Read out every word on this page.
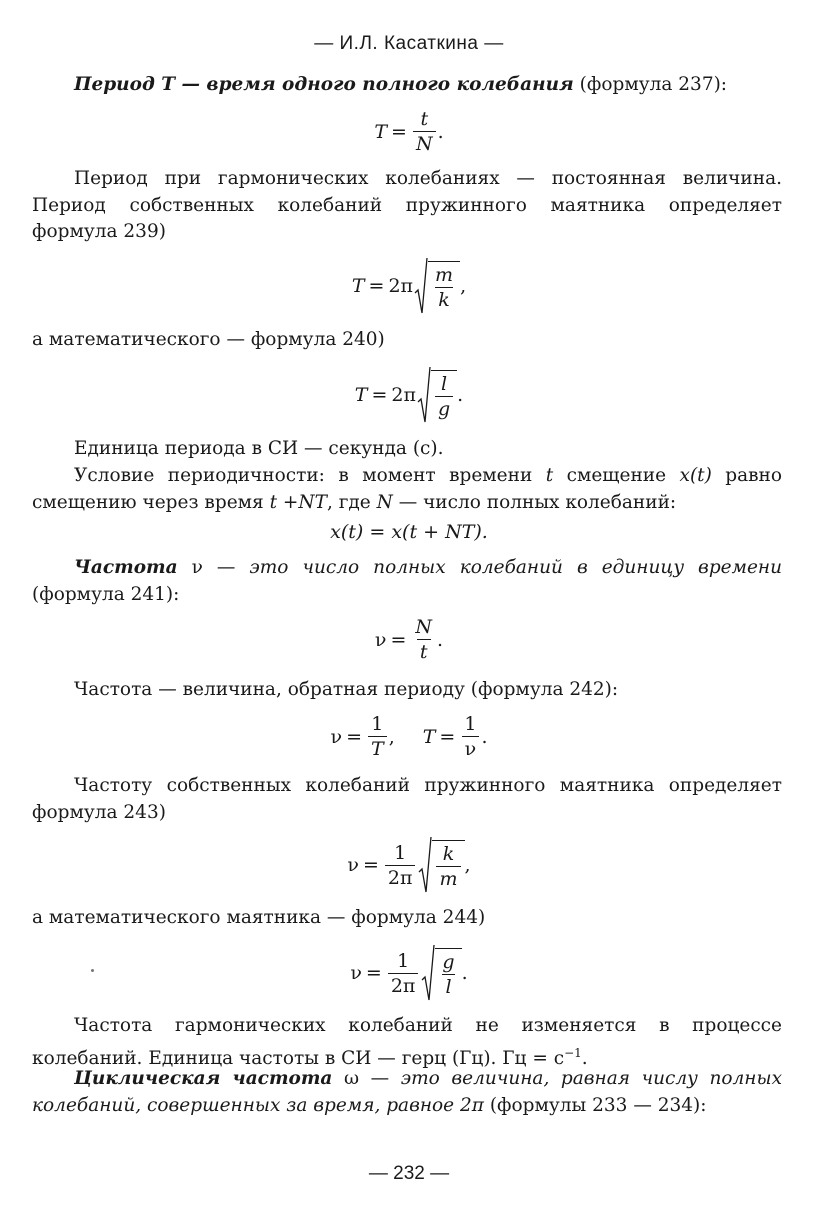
— И.Л. Касаткина —
Период T — время одного полного колебания (формула 237):
$T = \frac{t}{N}$ .
Период при гармонических колебаниях — постоянная величина. Период собственных колебаний пружинного маятника определяет формула 239)
$T = 2\pi \frac{m}{k}$ ,
а математического — формула 240)
$T = 2\pi \frac{l}{g}$ .
Единица периода в СИ — секунда (с).
Условие периодичности: в момент времени t смещение x(t) равно смещению через время t +NT, где N — число полных колебаний:
x(t) = x(t + NT).
Частота ν — это число полных колебаний в единицу времени (формула 241):
$\nu = \frac{N}{t}$ .
Частота — величина, обратная периоду (формула 242):
$\nu = \frac{1}{T}$ , $T = \frac{1}{\nu}$ .
Частоту собственных колебаний пружинного маятника определяет формула 243)
$\nu = \frac{1}{2\pi} \frac{k}{m}$ ,
а математического маятника — формула 244)
$\nu = \frac{1}{2\pi} \frac{g}{l}$ .
Частота гармонических колебаний не изменяется в процессе колебаний. Единица частоты в СИ — герц (Гц). Гц = $с^{-1}$.
Циклическая частота ω — это величина, равная числу полных колебаний, совершенных за время, равное 2π (формулы 233 — 234):
— 232 —
